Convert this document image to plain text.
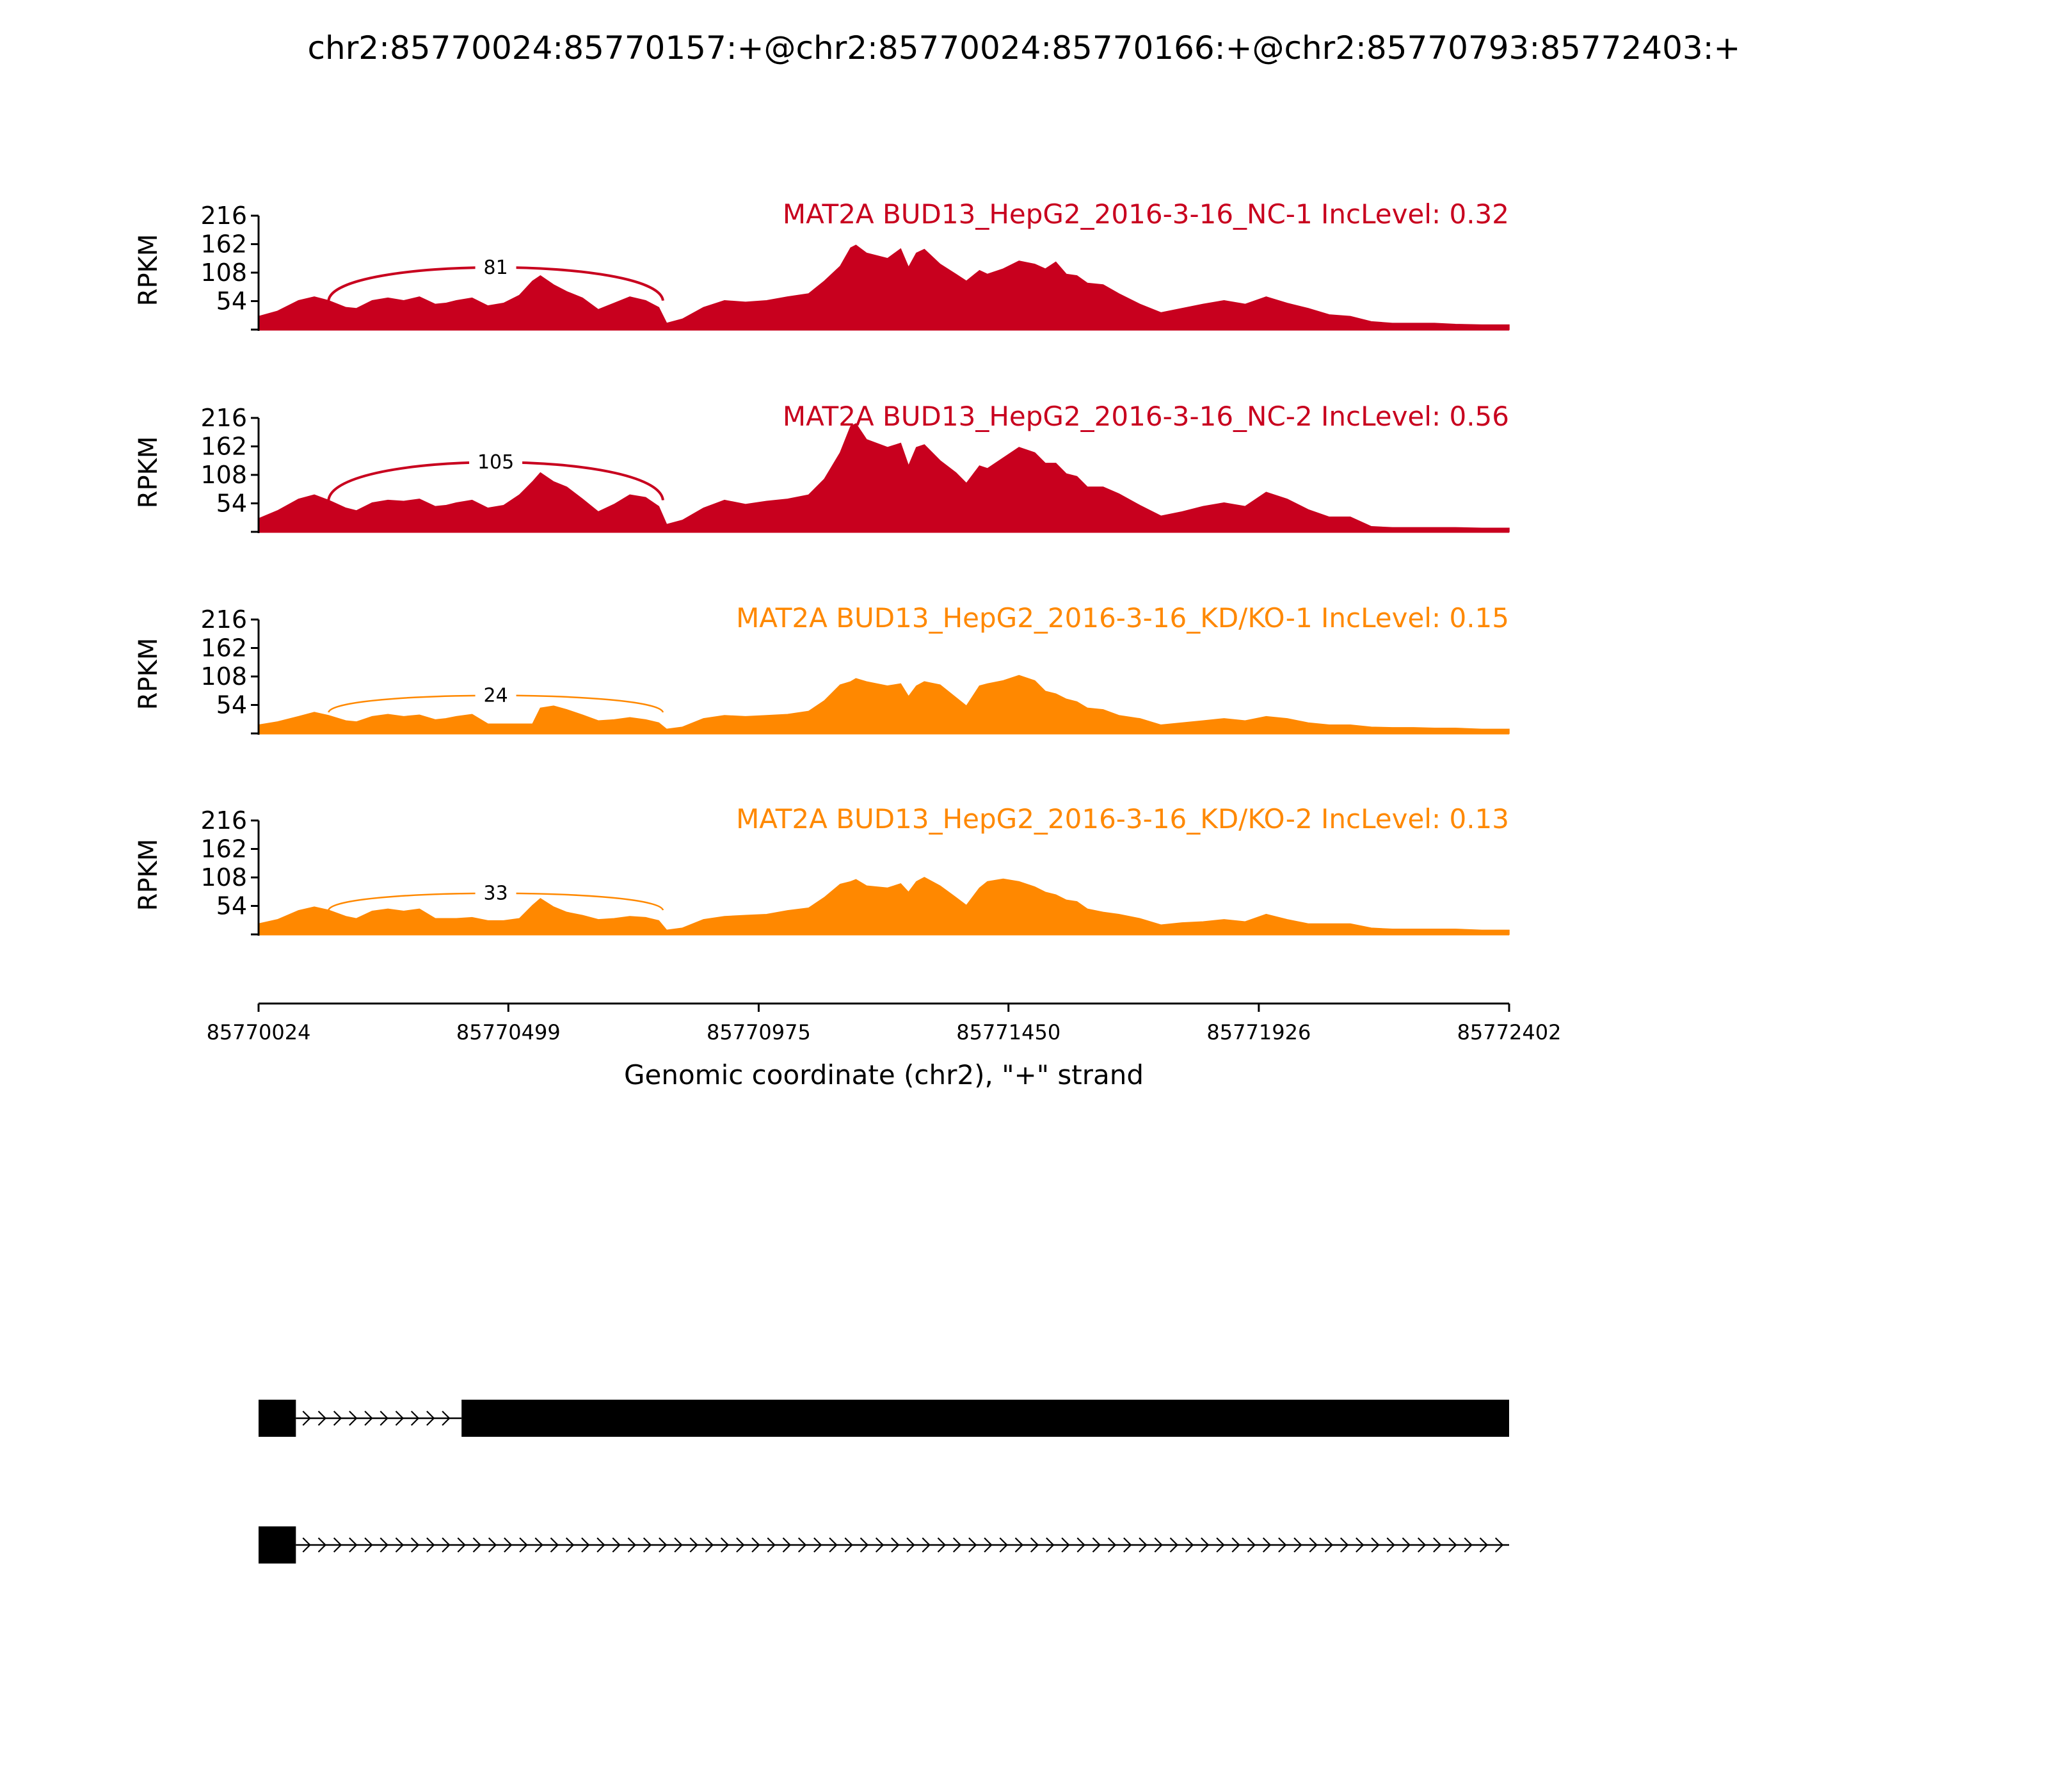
chr2:85770024:85770157:+@chr2:85770024:85770166:+@chr2:85770793:85772403:+
54
108
162
216
RPKM
MAT2A BUD13_HepG2_2016-3-16_NC-1 IncLevel: 0.32
81
54
108
162
216
RPKM
MAT2A BUD13_HepG2_2016-3-16_NC-2 IncLevel: 0.56
105
54
108
162
216
RPKM
MAT2A BUD13_HepG2_2016-3-16_KD/KO-1 IncLevel: 0.15
24
54
108
162
216
RPKM
MAT2A BUD13_HepG2_2016-3-16_KD/KO-2 IncLevel: 0.13
33
85770024	85770499	85770975	85771450	85771926	85772402
Genomic coordinate (chr2), "+" strand
